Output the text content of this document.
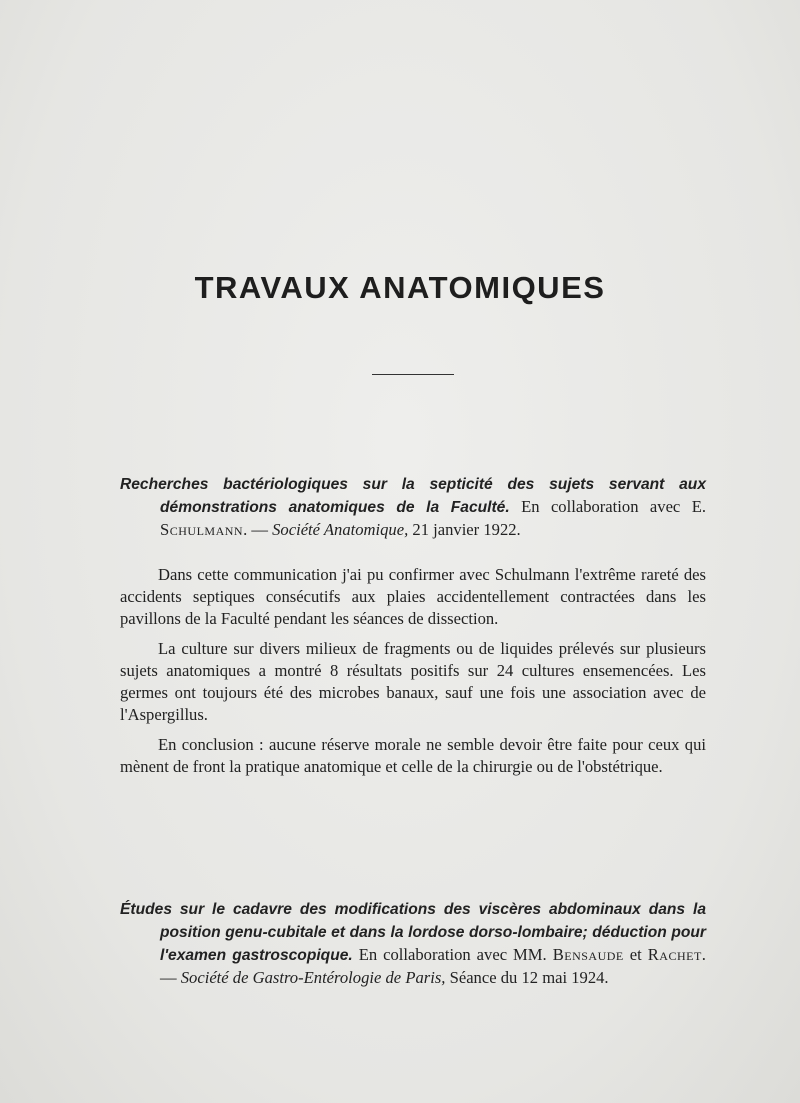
TRAVAUX ANATOMIQUES

Recherches bactériologiques sur la septicité des sujets servant aux démonstrations anatomiques de la Faculté. En collaboration avec E. Schulmann. — Société Anatomique, 21 janvier 1922.

Dans cette communication j'ai pu confirmer avec Schulmann l'extrême rareté des accidents septiques consécutifs aux plaies accidentellement contractées dans les pavillons de la Faculté pendant les séances de dissection.

La culture sur divers milieux de fragments ou de liquides prélevés sur plusieurs sujets anatomiques a montré 8 résultats positifs sur 24 cultures ensemencées. Les germes ont toujours été des microbes banaux, sauf une fois une association avec de l'Aspergillus.

En conclusion : aucune réserve morale ne semble devoir être faite pour ceux qui mènent de front la pratique anatomique et celle de la chirurgie ou de l'obstétrique.

Études sur le cadavre des modifications des viscères abdominaux dans la position genu-cubitale et dans la lordose dorso-lombaire; déduction pour l'examen gastroscopique. En collaboration avec MM. Bensaude et Rachet. — Société de Gastro-Entérologie de Paris, Séance du 12 mai 1924.
